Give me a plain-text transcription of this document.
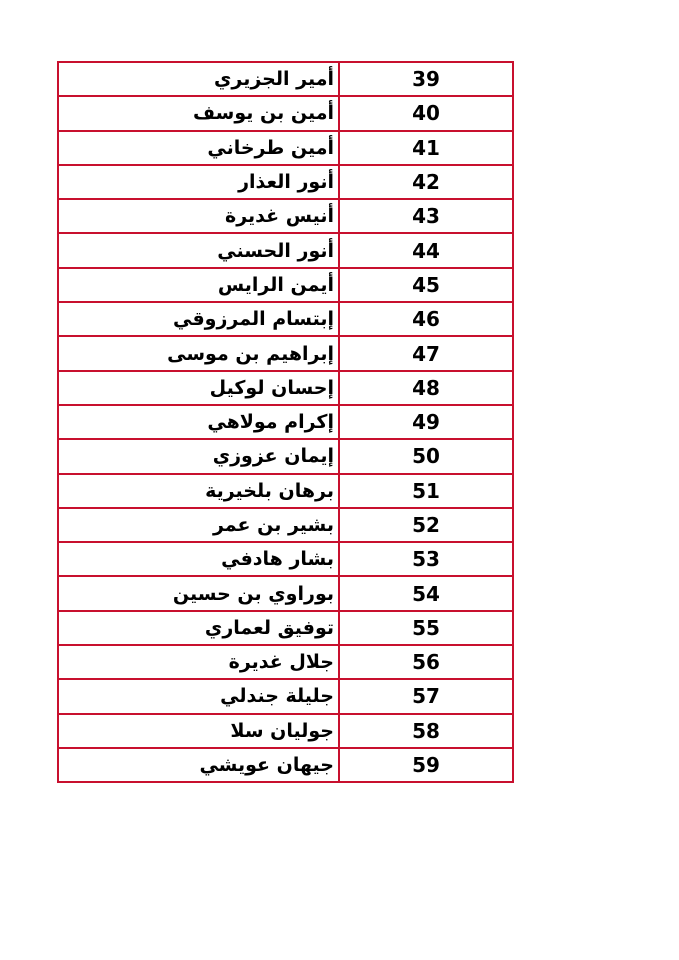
أمير الجزيري	39
أمين بن يوسف	40
أمين طرخاني	41
أنور العذار	42
أنيس غديرة	43
أنور الحسني	44
أيمن الرايس	45
إبتسام المرزوقي	46
إبراهيم بن موسى	47
إحسان لوكيل	48
إكرام مولاهي	49
إيمان عزوزي	50
برهان بلخيرية	51
بشير بن عمر	52
بشار هادفي	53
بوراوي بن حسين	54
توفيق لعماري	55
جلال غديرة	56
جليلة جندلي	57
جوليان سلا	58
جيهان عويشي	59
